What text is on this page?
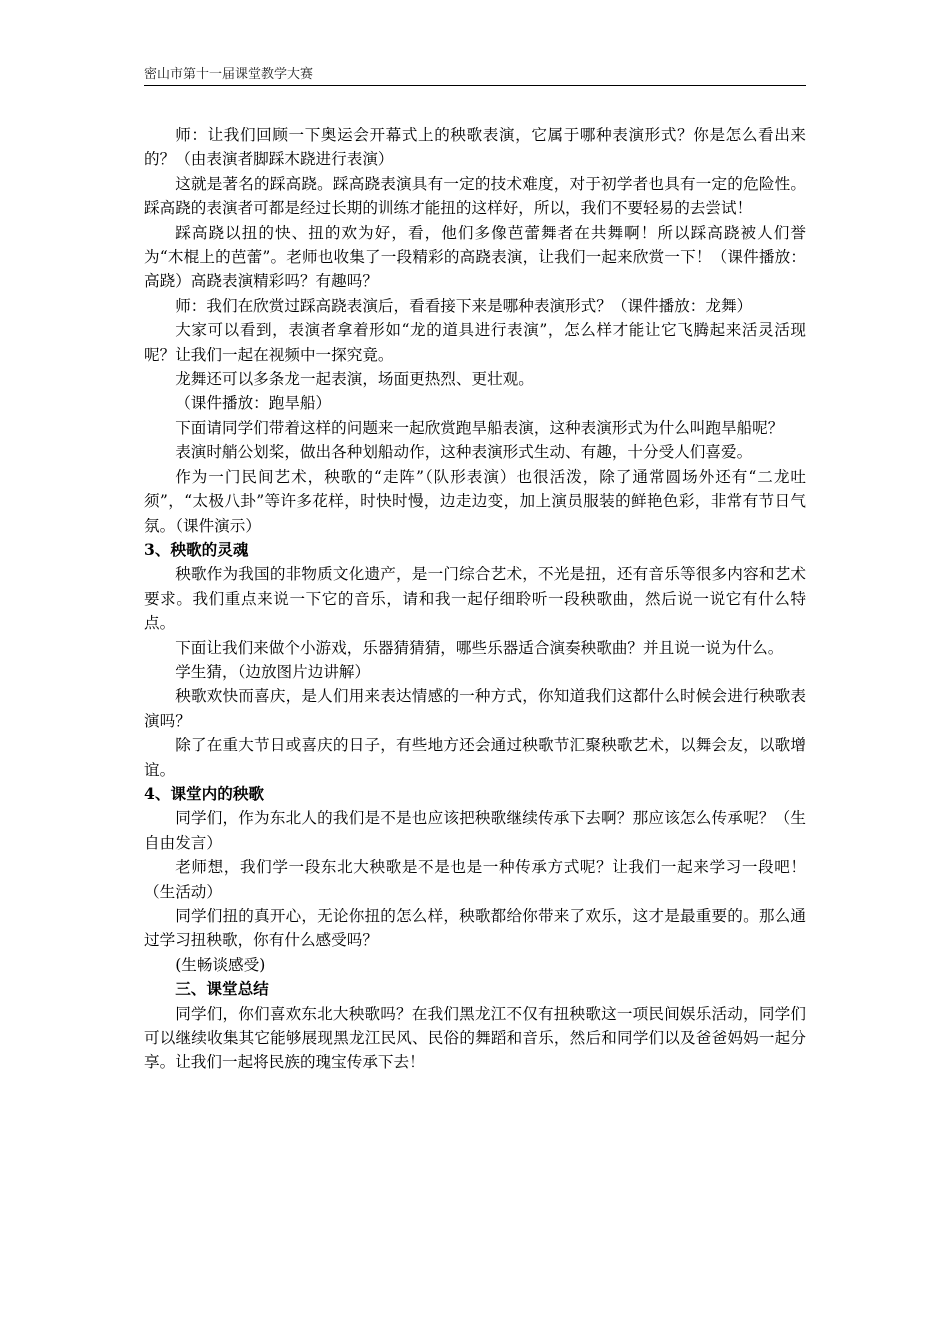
密山市第十一届课堂教学大赛

师：让我们回顾一下奥运会开幕式上的秧歌表演，它属于哪种表演形式？你是怎么看出来的？（由表演者脚踩木跷进行表演）

这就是著名的踩高跷。踩高跷表演具有一定的技术难度，对于初学者也具有一定的危险性。踩高跷的表演者可都是经过长期的训练才能扭的这样好，所以，我们不要轻易的去尝试！

踩高跷以扭的快、扭的欢为好，看，他们多像芭蕾舞者在共舞啊！所以踩高跷被人们誉为“木棍上的芭蕾”。老师也收集了一段精彩的高跷表演，让我们一起来欣赏一下！（课件播放：高跷）高跷表演精彩吗？有趣吗？

师：我们在欣赏过踩高跷表演后，看看接下来是哪种表演形式？（课件播放：龙舞）

大家可以看到，表演者拿着形如“龙的道具进行表演”，怎么样才能让它飞腾起来活灵活现呢？让我们一起在视频中一探究竟。

龙舞还可以多条龙一起表演，场面更热烈、更壮观。

（课件播放：跑旱船）

下面请同学们带着这样的问题来一起欣赏跑旱船表演，这种表演形式为什么叫跑旱船呢？

表演时艄公划桨，做出各种划船动作，这种表演形式生动、有趣，十分受人们喜爱。

作为一门民间艺术，秧歌的“走阵”（队形表演）也很活泼，除了通常圆场外还有“二龙吐须”，“太极八卦”等许多花样，时快时慢，边走边变，加上演员服装的鲜艳色彩，非常有节日气氛。（课件演示）

3、秧歌的灵魂

秧歌作为我国的非物质文化遗产，是一门综合艺术，不光是扭，还有音乐等很多内容和艺术要求。我们重点来说一下它的音乐，请和我一起仔细聆听一段秧歌曲，然后说一说它有什么特点。

下面让我们来做个小游戏，乐器猜猜猜，哪些乐器适合演奏秧歌曲？并且说一说为什么。

学生猜，（边放图片边讲解）

秧歌欢快而喜庆，是人们用来表达情感的一种方式，你知道我们这都什么时候会进行秧歌表演吗？

除了在重大节日或喜庆的日子，有些地方还会通过秧歌节汇聚秧歌艺术，以舞会友，以歌增谊。

4、课堂内的秧歌

同学们，作为东北人的我们是不是也应该把秧歌继续传承下去啊？那应该怎么传承呢？（生自由发言）

老师想，我们学一段东北大秧歌是不是也是一种传承方式呢？让我们一起来学习一段吧！（生活动）

同学们扭的真开心，无论你扭的怎么样，秧歌都给你带来了欢乐，这才是最重要的。那么通过学习扭秧歌，你有什么感受吗？

(生畅谈感受)

三、课堂总结

同学们，你们喜欢东北大秧歌吗？在我们黑龙江不仅有扭秧歌这一项民间娱乐活动，同学们可以继续收集其它能够展现黑龙江民风、民俗的舞蹈和音乐，然后和同学们以及爸爸妈妈一起分享。让我们一起将民族的瑰宝传承下去！
